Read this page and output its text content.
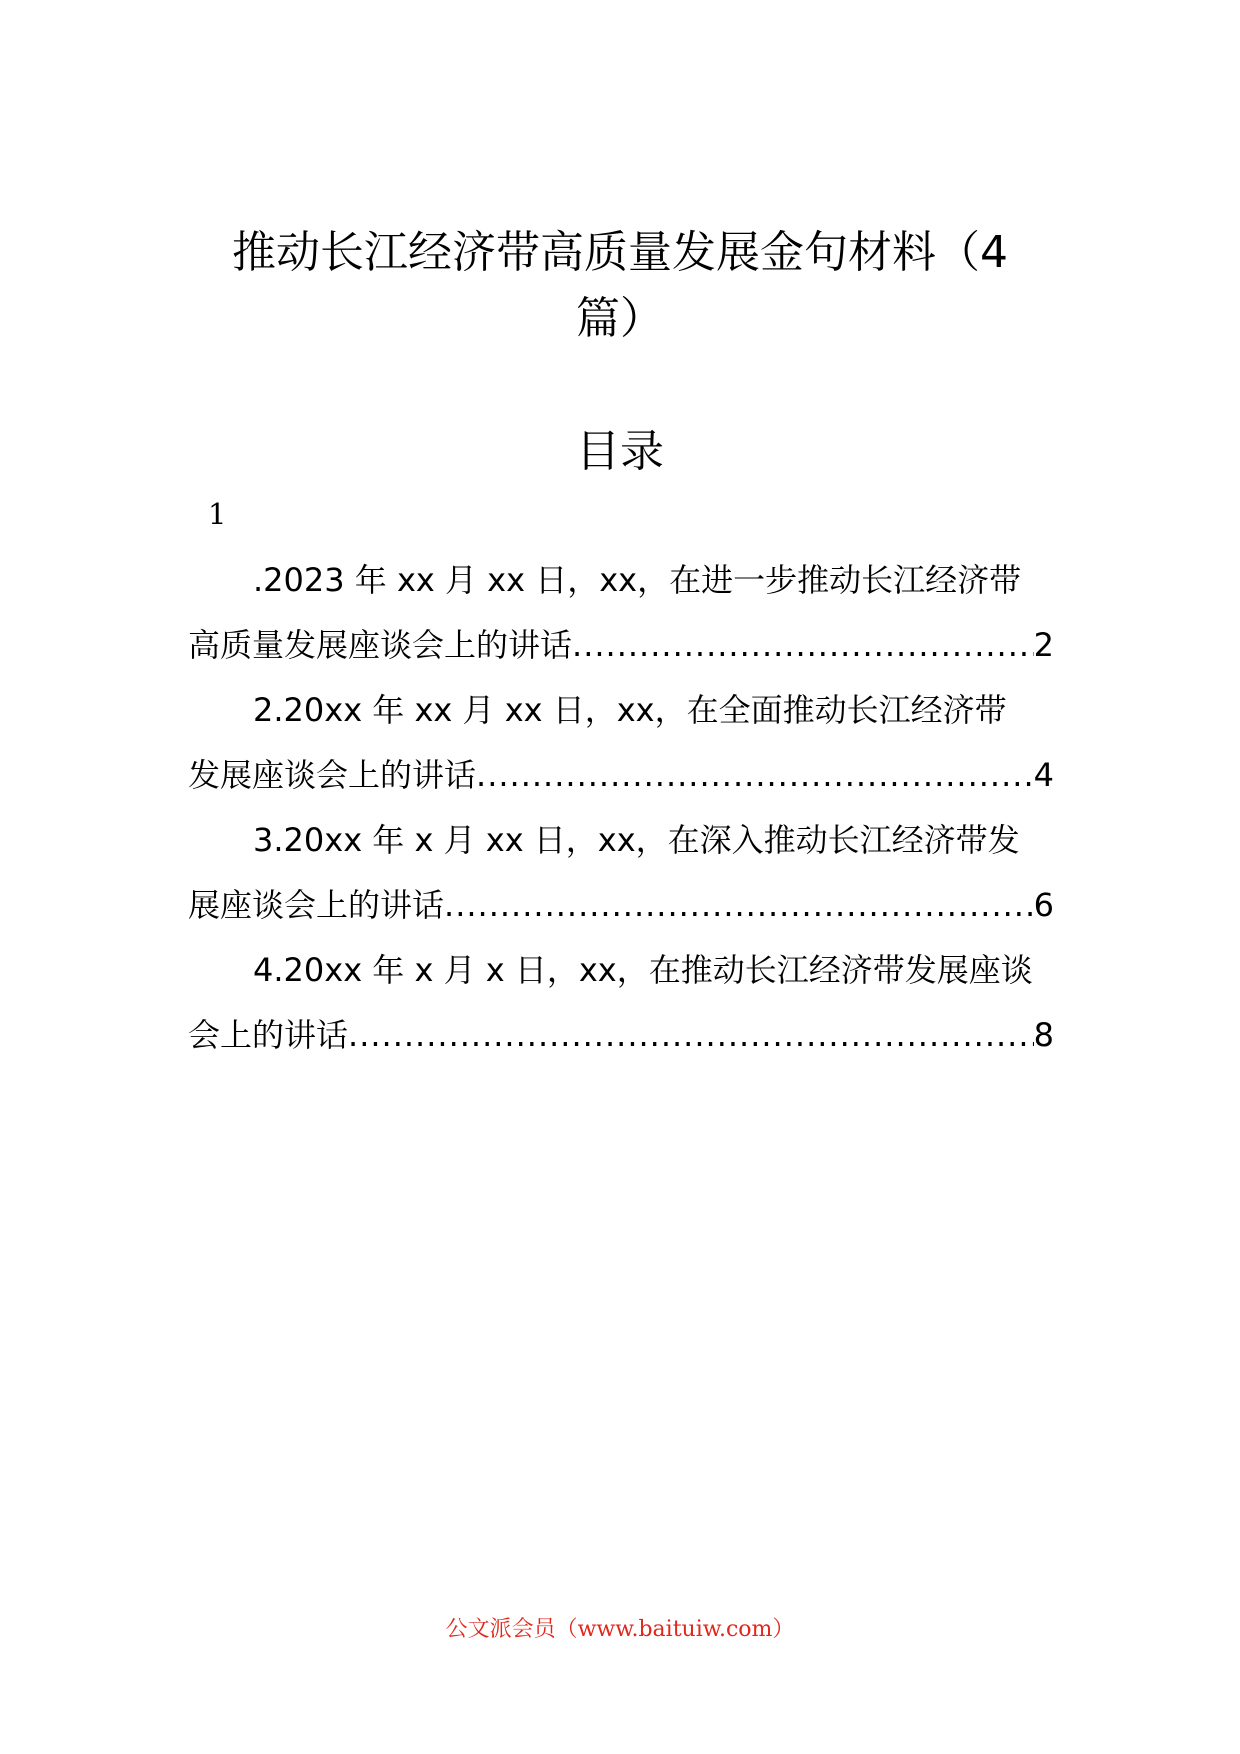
推动长江经济带高质量发展金句材料（4
篇）
目录
1
.2023 年 xx 月 xx 日，xx，在进一步推动长江经济带
高质量发展座谈会上的讲话 .....	2
2.20xx 年 xx 月 xx 日，xx，在全面推动长江经济带
发展座谈会上的讲话 .....	4
3.20xx 年 x 月 xx 日，xx，在深入推动长江经济带发
展座谈会上的讲话 .....	6
4.20xx 年 x 月 x 日，xx，在推动长江经济带发展座谈
会上的讲话 .....	8
公文派会员（www.baituiw.com）
